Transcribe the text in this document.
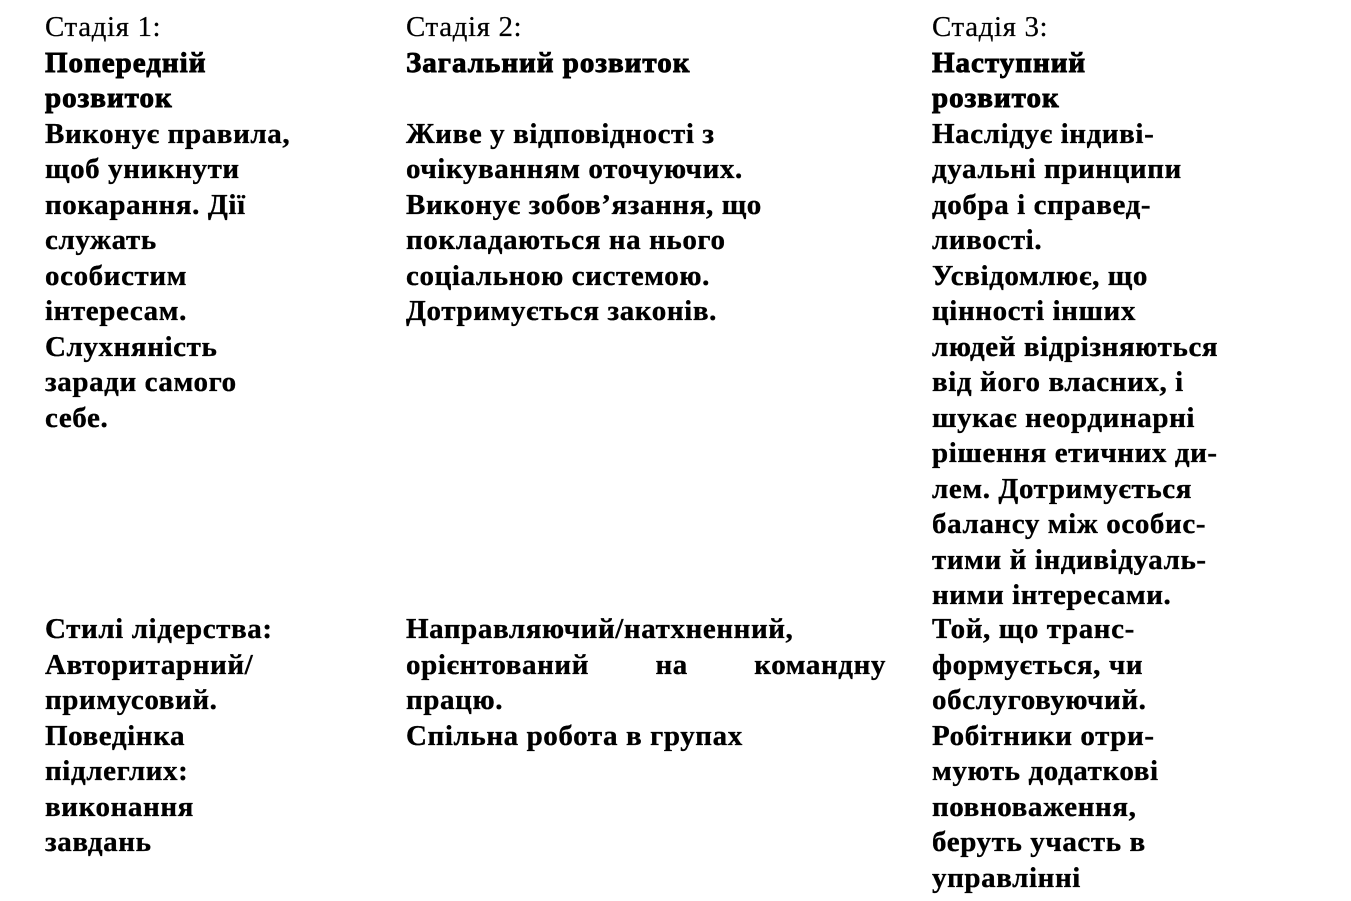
Стадія 1:
Попередній
розвиток
Виконує правила,
щоб уникнути
покарання. Дії
служать
особистим
інтересам.
Слухняність
заради самого
себе.
Стадія 2:
Загальний розвиток

Живе у відповідності з
очікуванням оточуючих.
Виконує зобов’язання, що
покладаються на нього
соціальною системою.
Дотримується законів.
Стадія 3:
Наступний
розвиток
Наслідує індиві-
дуальні принципи
добра і справед-
ливості.
Усвідомлює, що
цінності інших
людей відрізняються
від його власних, і
шукає неординарні
рішення етичних ди-
лем. Дотримується
балансу між особис-
тими й індивідуаль-
ними інтересами.
Стилі лідерства:
Авторитарний/
примусовий.
Поведінка
підлеглих:
виконання
завдань
Направляючий/натхненний,
орієнтований на командну
працю.
Спільна робота в групах
Той, що транс-
формується, чи
обслуговуючий.
Робітники отри-
мують додаткові
повноваження,
беруть участь в
управлінні
